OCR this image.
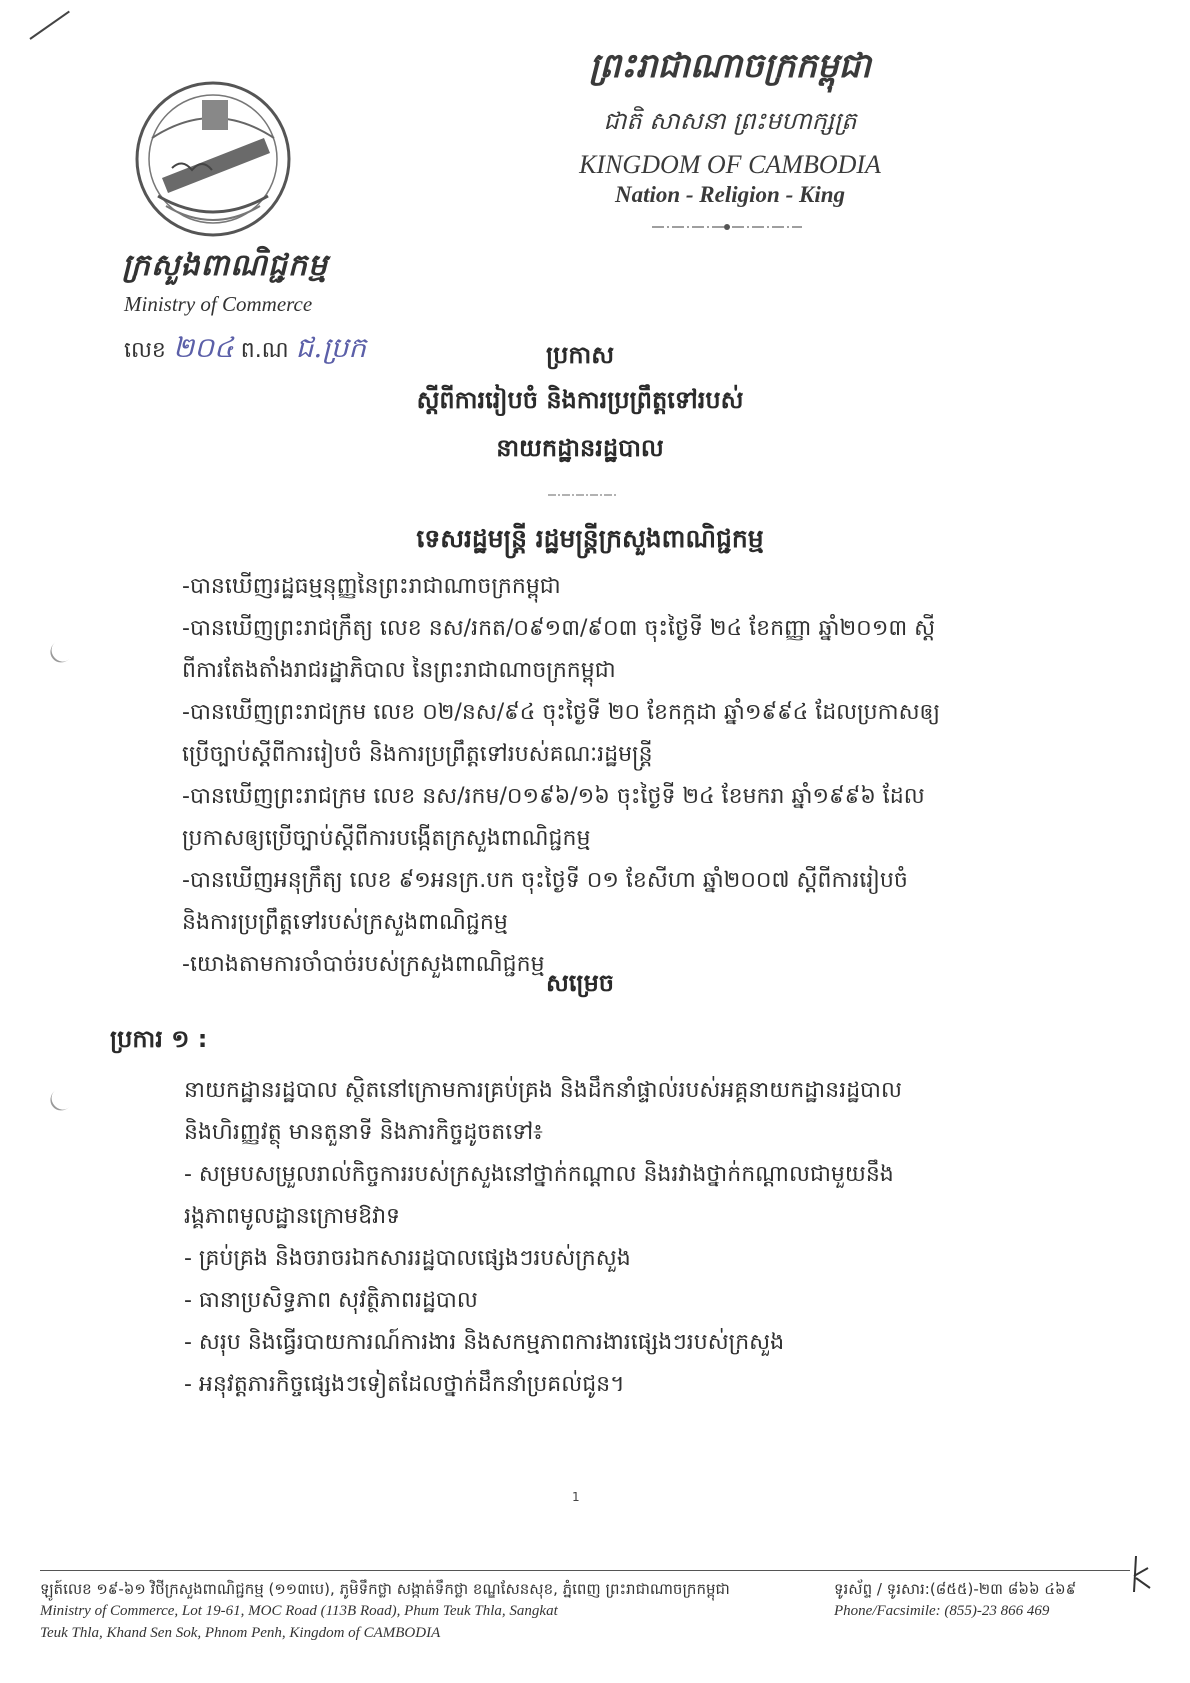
ក្រសួងពាណិជ្ជកម្ម
Ministry of Commerce
លេខ ២០៤ ព.ណ ជ.ប្រក
ព្រះរាជាណាចក្រកម្ពុជា
ជាតិ សាសនា ព្រះមហាក្សត្រ
KINGDOM OF CAMBODIA
Nation - Religion - King
ប្រកាស
ស្តីពីការរៀបចំ និងការប្រព្រឹត្តទៅរបស់
នាយកដ្ឋានរដ្ឋបាល
ទេសរដ្ឋមន្ត្រី រដ្ឋមន្ត្រីក្រសួងពាណិជ្ជកម្ម

-បានឃើញរដ្ឋធម្មនុញ្ញនៃព្រះរាជាណាចក្រកម្ពុជា

-បានឃើញព្រះរាជក្រឹត្យ លេខ នស/រកត/០៩១៣/៩០៣ ចុះថ្ងៃទី ២៤ ខែកញ្ញា ឆ្នាំ២០១៣ ស្តី

ពីការតែងតាំងរាជរដ្ឋាភិបាល នៃព្រះរាជាណាចក្រកម្ពុជា

-បានឃើញព្រះរាជក្រម លេខ ០២/នស/៩៤ ចុះថ្ងៃទី ២០ ខែកក្កដា ឆ្នាំ១៩៩៤ ដែលប្រកាសឲ្យ

ប្រើច្បាប់ស្តីពីការរៀបចំ និងការប្រព្រឹត្តទៅរបស់គណៈរដ្ឋមន្ត្រី

-បានឃើញព្រះរាជក្រម លេខ នស/រកម/០១៩៦/១៦ ចុះថ្ងៃទី ២៤ ខែមករា ឆ្នាំ១៩៩៦ ដែល

ប្រកាសឲ្យប្រើច្បាប់ស្តីពីការបង្កើតក្រសួងពាណិជ្ជកម្ម

-បានឃើញអនុក្រឹត្យ លេខ ៩១អនក្រ.បក ចុះថ្ងៃទី ០១ ខែសីហា ឆ្នាំ២០០៧ ស្តីពីការរៀបចំ

និងការប្រព្រឹត្តទៅរបស់ក្រសួងពាណិជ្ជកម្ម

-យោងតាមការចាំបាច់របស់ក្រសួងពាណិជ្ជកម្ម

សម្រេច
ប្រការ ១ :

នាយកដ្ឋានរដ្ឋបាល ស្ថិតនៅក្រោមការគ្រប់គ្រង និងដឹកនាំផ្ទាល់របស់អគ្គនាយកដ្ឋានរដ្ឋបាល

និងហិរញ្ញវត្ថុ មានតួនាទី និងភារកិច្ចដូចតទៅ៖

- សម្របសម្រួលរាល់កិច្ចការរបស់ក្រសួងនៅថ្នាក់កណ្តាល និងរវាងថ្នាក់កណ្តាលជាមួយនឹង

រង្គភាពមូលដ្ឋានក្រោមឱវាទ

- គ្រប់គ្រង និងចរាចរឯកសាររដ្ឋបាលផ្សេងៗរបស់ក្រសួង

- ធានាប្រសិទ្ធភាព សុវត្ថិភាពរដ្ឋបាល

- សរុប និងធ្វើរបាយការណ៍ការងារ និងសកម្មភាពការងារផ្សេងៗរបស់ក្រសួង

- អនុវត្តភារកិច្ចផ្សេងៗទៀតដែលថ្នាក់ដឹកនាំប្រគល់ជូន។

1
ឡូត៍លេខ ១៩-៦១ វិថីក្រសួងពាណិជ្ជកម្ម (១១៣បេ), ភូមិទឹកថ្លា សង្កាត់ទឹកថ្លា ខណ្ឌសែនសុខ, ភ្នំពេញ ព្រះរាជាណាចក្រកម្ពុជា
Ministry of Commerce, Lot 19-61, MOC Road (113B Road), Phum Teuk Thla, Sangkat
Teuk Thla, Khand Sen Sok, Phnom Penh, Kingdom of CAMBODIA
ទូរស័ព្ទ / ទូរសារ:(៨៥៥)-២៣ ៨៦៦ ៤៦៩
Phone/Facsimile: (855)-23 866 469
